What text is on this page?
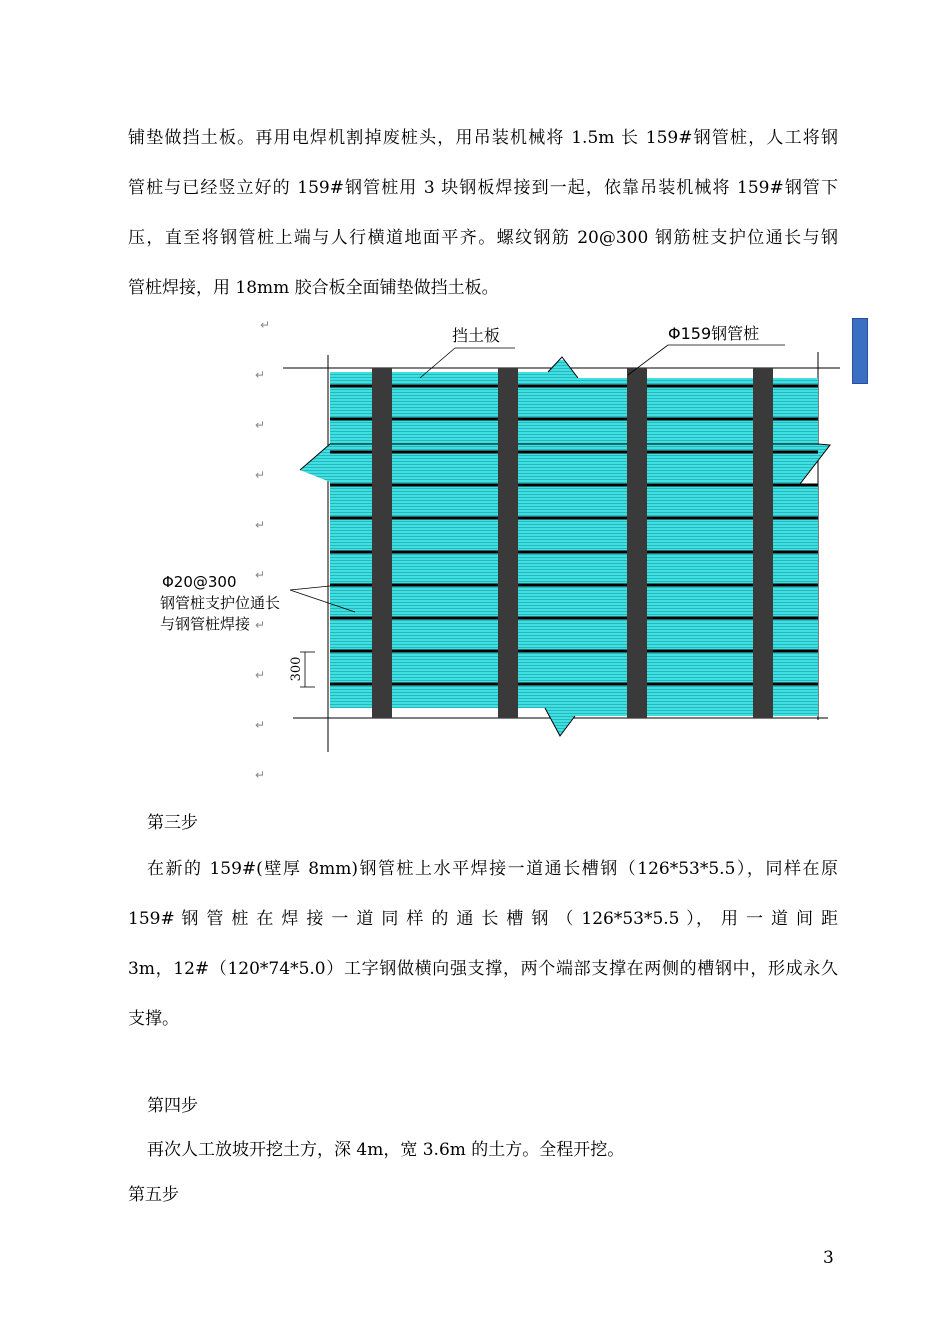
铺垫做挡土板。再用电焊机割掉废桩头，用吊装机械将 1.5m 长 159#钢管桩，人工将钢
管桩与已经竖立好的 159#钢管桩用 3 块钢板焊接到一起，依靠吊装机械将 159#钢管下
压，直至将钢管桩上端与人行横道地面平齐。螺纹钢筋 20@300 钢筋桩支护位通长与钢
管桩焊接，用 18mm 胶合板全面铺垫做挡土板。
↵
↵
↵
↵
↵
↵
↵
↵
↵
↵
300
挡土板	Φ159钢管桩
Φ20@300
钢管桩支护位通长
与钢管桩焊接
第三步
在新的 159#(壁厚 8mm)钢管桩上水平焊接一道通长槽钢（126*53*5.5），同样在原
159# 钢 管 桩 在 焊 接 一 道 同 样 的 通 长 槽 钢 （ 126*53*5.5 ）， 用 一 道 间 距
3m，12#（120*74*5.0）工字钢做横向强支撑，两个端部支撑在两侧的槽钢中，形成永久
支撑。
第四步
再次人工放坡开挖土方，深 4m，宽 3.6m 的土方。全程开挖。
第五步
3
